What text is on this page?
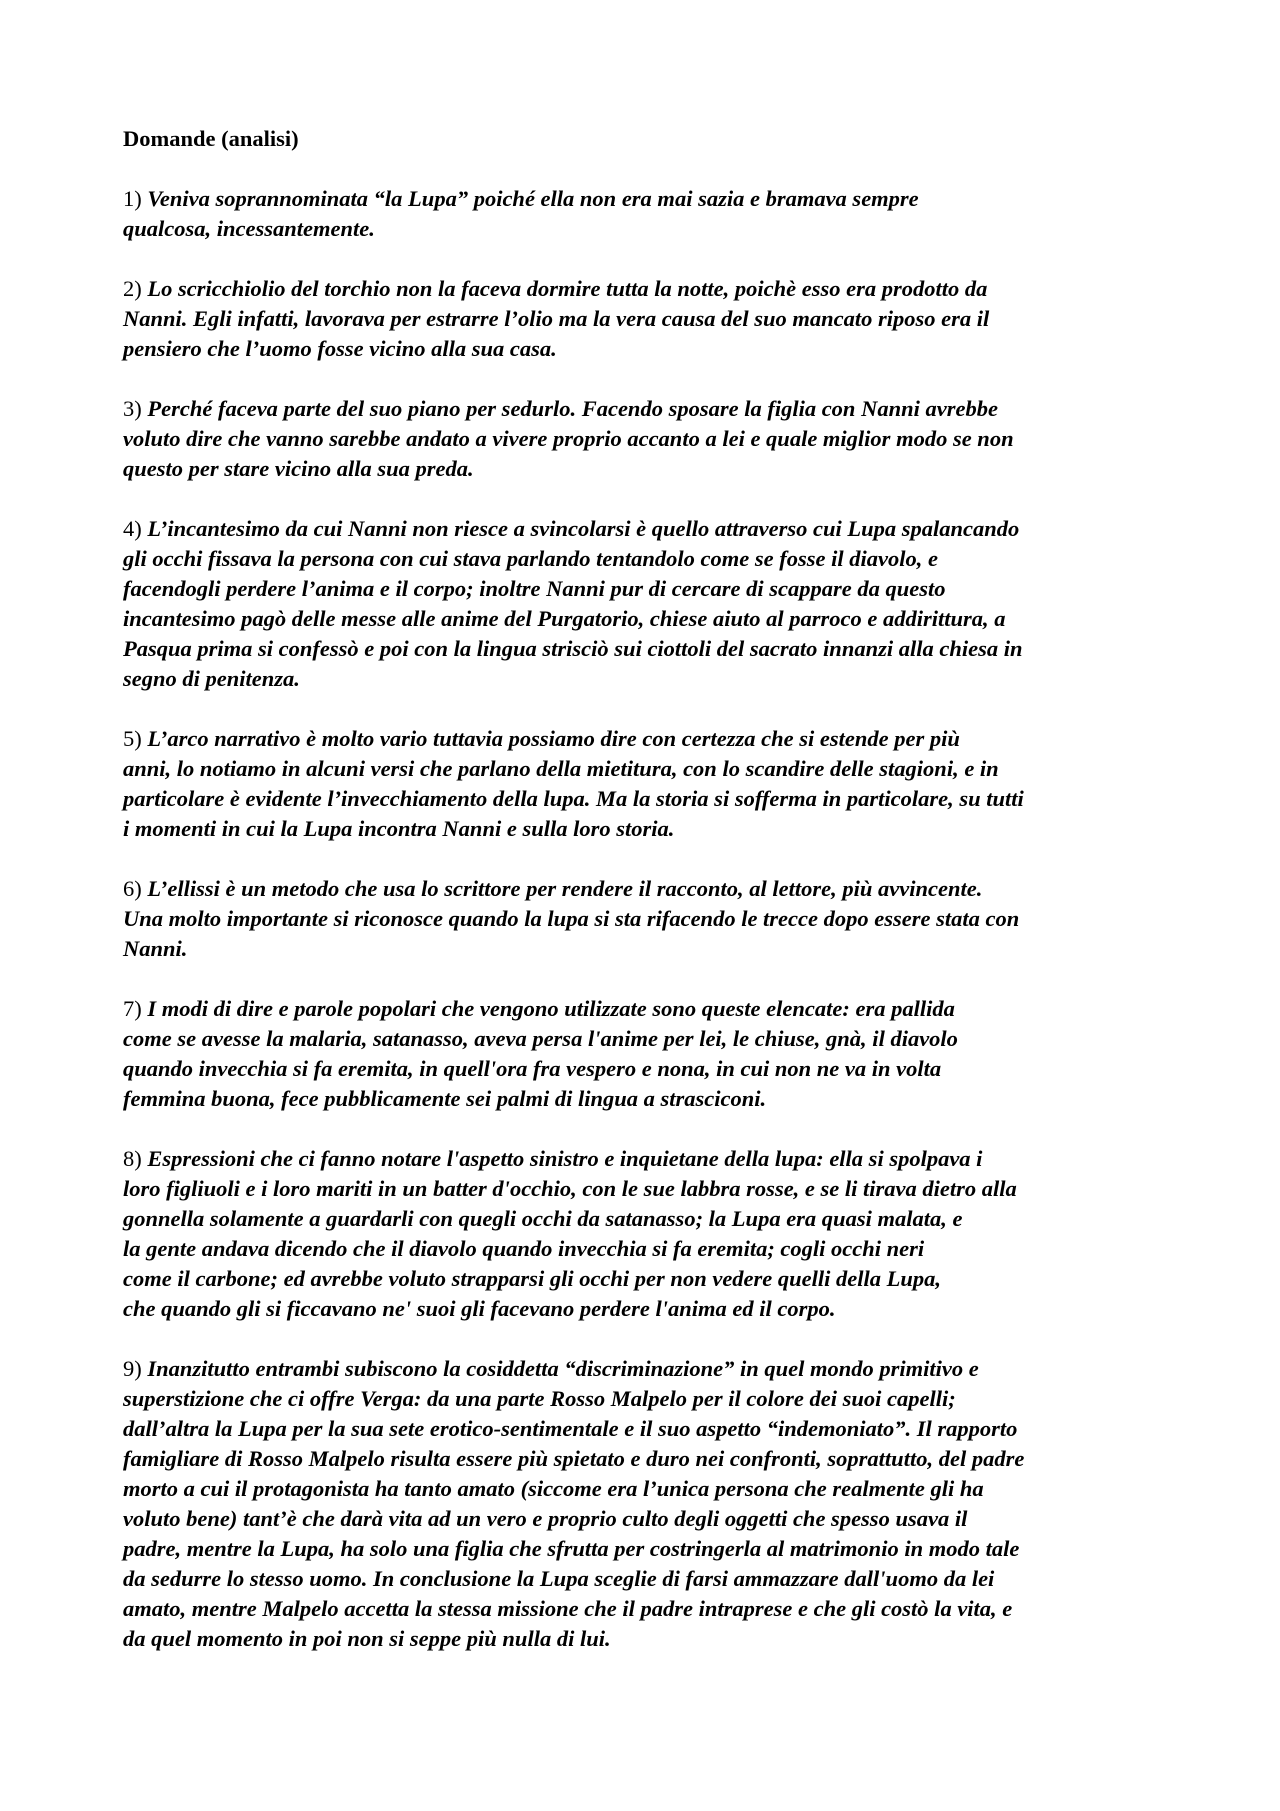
Domande (analisi)
1) Veniva soprannominata “la Lupa” poiché ella non era mai sazia e bramava sempre
qualcosa, incessantemente.
2) Lo scricchiolio del torchio non la faceva dormire tutta la notte, poichè esso era prodotto da
Nanni. Egli infatti, lavorava per estrarre l’olio ma la vera causa del suo mancato riposo era il
pensiero che l’uomo fosse vicino alla sua casa.
3) Perché faceva parte del suo piano per sedurlo. Facendo sposare la figlia con Nanni avrebbe
voluto dire che vanno sarebbe andato a vivere proprio accanto a lei e quale miglior modo se non
questo per stare vicino alla sua preda.
4) L’incantesimo da cui Nanni non riesce a svincolarsi è quello attraverso cui Lupa spalancando
gli occhi fissava la persona con cui stava parlando tentandolo come se fosse il diavolo, e
facendogli perdere l’anima e il corpo; inoltre Nanni pur di cercare di scappare da questo
incantesimo pagò delle messe alle anime del Purgatorio, chiese aiuto al parroco e addirittura, a
Pasqua prima si confessò e poi con la lingua strisciò sui ciottoli del sacrato innanzi alla chiesa in
segno di penitenza.
5) L’arco narrativo è molto vario tuttavia possiamo dire con certezza che si estende per più
anni, lo notiamo in alcuni versi che parlano della mietitura, con lo scandire delle stagioni, e in
particolare è evidente l’invecchiamento della lupa. Ma la storia si sofferma in particolare, su tutti
i momenti in cui la Lupa incontra Nanni e sulla loro storia.
6) L’ellissi è un metodo che usa lo scrittore per rendere il racconto, al lettore, più avvincente.
Una molto importante si riconosce quando la lupa si sta rifacendo le trecce dopo essere stata con
Nanni.
7) I modi di dire e parole popolari che vengono utilizzate sono queste elencate: era pallida
come se avesse la malaria, satanasso, aveva persa l'anime per lei, le chiuse, gnà, il diavolo
quando invecchia si fa eremita, in quell'ora fra vespero e nona, in cui non ne va in volta
femmina buona, fece pubblicamente sei palmi di lingua a strasciconi.
8) Espressioni che ci fanno notare l'aspetto sinistro e inquietane della lupa: ella si spolpava i
loro figliuoli e i loro mariti in un batter d'occhio, con le sue labbra rosse, e se li tirava dietro alla
gonnella solamente a guardarli con quegli occhi da satanasso; la Lupa era quasi malata, e
la gente andava dicendo che il diavolo quando invecchia si fa eremita; cogli occhi neri
come il carbone; ed avrebbe voluto strapparsi gli occhi per non vedere quelli della Lupa,
che quando gli si ficcavano ne' suoi gli facevano perdere l'anima ed il corpo.
9) Inanzitutto entrambi subiscono la cosiddetta “discriminazione” in quel mondo primitivo e
superstizione che ci offre Verga: da una parte Rosso Malpelo per il colore dei suoi capelli;
dall’altra la Lupa per la sua sete erotico-sentimentale e il suo aspetto “indemoniato”. Il rapporto
famigliare di Rosso Malpelo risulta essere più spietato e duro nei confronti, soprattutto, del padre
morto a cui il protagonista ha tanto amato (siccome era l’unica persona che realmente gli ha
voluto bene) tant’è che darà vita ad un vero e proprio culto degli oggetti che spesso usava il
padre, mentre la Lupa, ha solo una figlia che sfrutta per costringerla al matrimonio in modo tale
da sedurre lo stesso uomo. In conclusione la Lupa sceglie di farsi ammazzare dall'uomo da lei
amato, mentre Malpelo accetta la stessa missione che il padre intraprese e che gli costò la vita, e
da quel momento in poi non si seppe più nulla di lui.
